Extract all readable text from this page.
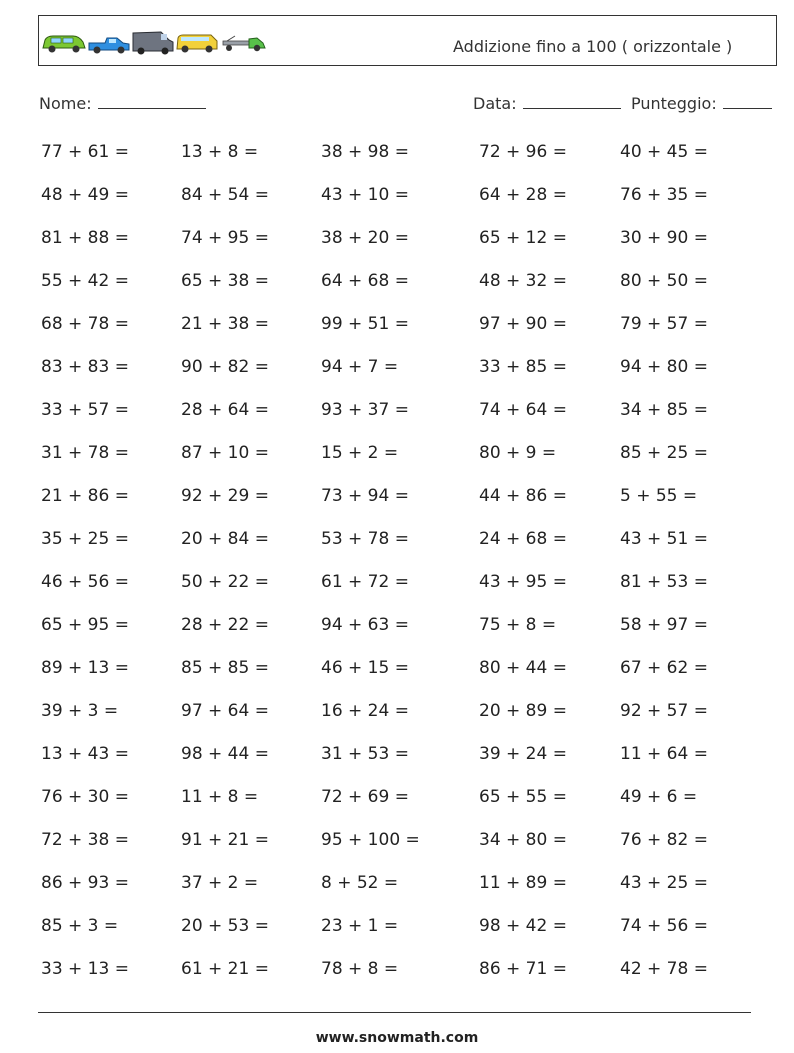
Addizione fino a 100 ( orizzontale )
Nome:	Data:	Punteggio:
77 + 61 =	13 + 8 =	38 + 98 =	72 + 96 =	40 + 45 =
48 + 49 =	84 + 54 =	43 + 10 =	64 + 28 =	76 + 35 =
81 + 88 =	74 + 95 =	38 + 20 =	65 + 12 =	30 + 90 =
55 + 42 =	65 + 38 =	64 + 68 =	48 + 32 =	80 + 50 =
68 + 78 =	21 + 38 =	99 + 51 =	97 + 90 =	79 + 57 =
83 + 83 =	90 + 82 =	94 + 7 =	33 + 85 =	94 + 80 =
33 + 57 =	28 + 64 =	93 + 37 =	74 + 64 =	34 + 85 =
31 + 78 =	87 + 10 =	15 + 2 =	80 + 9 =	85 + 25 =
21 + 86 =	92 + 29 =	73 + 94 =	44 + 86 =	5 + 55 =
35 + 25 =	20 + 84 =	53 + 78 =	24 + 68 =	43 + 51 =
46 + 56 =	50 + 22 =	61 + 72 =	43 + 95 =	81 + 53 =
65 + 95 =	28 + 22 =	94 + 63 =	75 + 8 =	58 + 97 =
89 + 13 =	85 + 85 =	46 + 15 =	80 + 44 =	67 + 62 =
39 + 3 =	97 + 64 =	16 + 24 =	20 + 89 =	92 + 57 =
13 + 43 =	98 + 44 =	31 + 53 =	39 + 24 =	11 + 64 =
76 + 30 =	11 + 8 =	72 + 69 =	65 + 55 =	49 + 6 =
72 + 38 =	91 + 21 =	95 + 100 =	34 + 80 =	76 + 82 =
86 + 93 =	37 + 2 =	8 + 52 =	11 + 89 =	43 + 25 =
85 + 3 =	20 + 53 =	23 + 1 =	98 + 42 =	74 + 56 =
33 + 13 =	61 + 21 =	78 + 8 =	86 + 71 =	42 + 78 =
www.snowmath.com
